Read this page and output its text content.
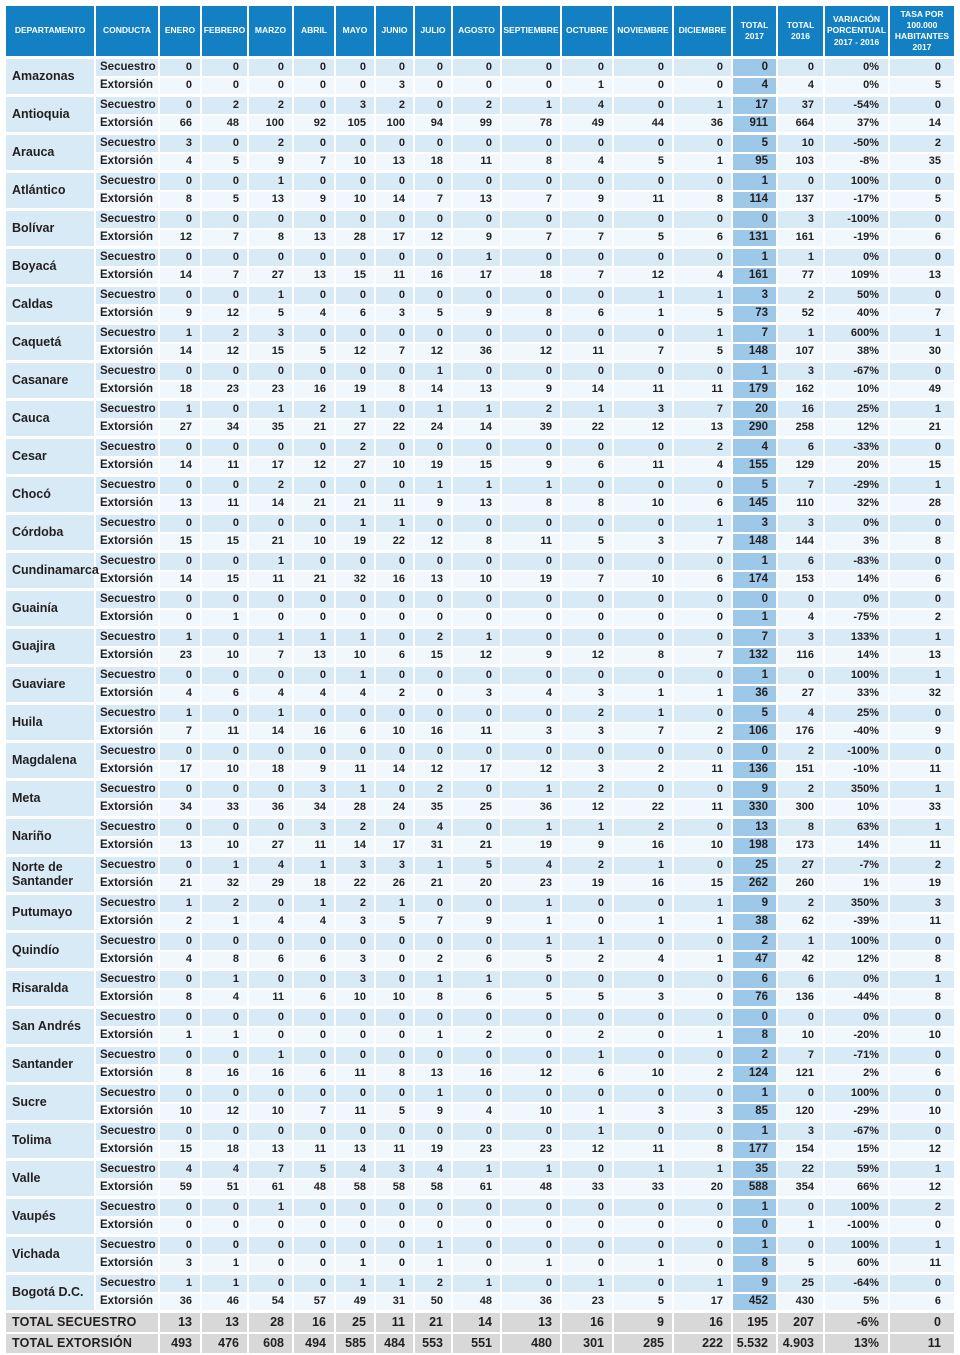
DEPARTAMENTO	CONDUCTA	ENERO	FEBRERO	MARZO	ABRIL	MAYO	JUNIO	JULIO	AGOSTO	SEPTIEMBRE	OCTUBRE	NOVIEMBRE	DICIEMBRE	TOTAL 2017	TOTAL 2016	VARIACIÓN PORCENTUAL 2017 - 2016	TASA POR 100.000 HABITANTES 2017
Amazonas	Secuestro	0	0	0	0	0	0	0	0	0	0	0	0	0	0	0%	0
	Extorsión	0	0	0	0	0	3	0	0	0	1	0	0	4	4	0%	5
Antioquia	Secuestro	0	2	2	0	3	2	0	2	1	4	0	1	17	37	-54%	0
	Extorsión	66	48	100	92	105	100	94	99	78	49	44	36	911	664	37%	14
Arauca	Secuestro	3	0	2	0	0	0	0	0	0	0	0	0	5	10	-50%	2
	Extorsión	4	5	9	7	10	13	18	11	8	4	5	1	95	103	-8%	35
Atlántico	Secuestro	0	0	1	0	0	0	0	0	0	0	0	0	1	0	100%	0
	Extorsión	8	5	13	9	10	14	7	13	7	9	11	8	114	137	-17%	5
Bolívar	Secuestro	0	0	0	0	0	0	0	0	0	0	0	0	0	3	-100%	0
	Extorsión	12	7	8	13	28	17	12	9	7	7	5	6	131	161	-19%	6
Boyacá	Secuestro	0	0	0	0	0	0	0	1	0	0	0	0	1	1	0%	0
	Extorsión	14	7	27	13	15	11	16	17	18	7	12	4	161	77	109%	13
Caldas	Secuestro	0	0	1	0	0	0	0	0	0	0	1	1	3	2	50%	0
	Extorsión	9	12	5	4	6	3	5	9	8	6	1	5	73	52	40%	7
Caquetá	Secuestro	1	2	3	0	0	0	0	0	0	0	0	1	7	1	600%	1
	Extorsión	14	12	15	5	12	7	12	36	12	11	7	5	148	107	38%	30
Casanare	Secuestro	0	0	0	0	0	0	1	0	0	0	0	0	1	3	-67%	0
	Extorsión	18	23	23	16	19	8	14	13	9	14	11	11	179	162	10%	49
Cauca	Secuestro	1	0	1	2	1	0	1	1	2	1	3	7	20	16	25%	1
	Extorsión	27	34	35	21	27	22	24	14	39	22	12	13	290	258	12%	21
Cesar	Secuestro	0	0	0	0	2	0	0	0	0	0	0	2	4	6	-33%	0
	Extorsión	14	11	17	12	27	10	19	15	9	6	11	4	155	129	20%	15
Chocó	Secuestro	0	0	2	0	0	0	1	1	1	0	0	0	5	7	-29%	1
	Extorsión	13	11	14	21	21	11	9	13	8	8	10	6	145	110	32%	28
Córdoba	Secuestro	0	0	0	0	1	1	0	0	0	0	0	1	3	3	0%	0
	Extorsión	15	15	21	10	19	22	12	8	11	5	3	7	148	144	3%	8
Cundinamarca	Secuestro	0	0	1	0	0	0	0	0	0	0	0	0	1	6	-83%	0
	Extorsión	14	15	11	21	32	16	13	10	19	7	10	6	174	153	14%	6
Guainía	Secuestro	0	0	0	0	0	0	0	0	0	0	0	0	0	0	0%	0
	Extorsión	0	1	0	0	0	0	0	0	0	0	0	0	1	4	-75%	2
Guajira	Secuestro	1	0	1	1	1	0	2	1	0	0	0	0	7	3	133%	1
	Extorsión	23	10	7	13	10	6	15	12	9	12	8	7	132	116	14%	13
Guaviare	Secuestro	0	0	0	0	1	0	0	0	0	0	0	0	1	0	100%	1
	Extorsión	4	6	4	4	4	2	0	3	4	3	1	1	36	27	33%	32
Huila	Secuestro	1	0	1	0	0	0	0	0	0	2	1	0	5	4	25%	0
	Extorsión	7	11	14	16	6	10	16	11	3	3	7	2	106	176	-40%	9
Magdalena	Secuestro	0	0	0	0	0	0	0	0	0	0	0	0	0	2	-100%	0
	Extorsión	17	10	18	9	11	14	12	17	12	3	2	11	136	151	-10%	11
Meta	Secuestro	0	0	0	3	1	0	2	0	1	2	0	0	9	2	350%	1
	Extorsión	34	33	36	34	28	24	35	25	36	12	22	11	330	300	10%	33
Nariño	Secuestro	0	0	0	3	2	0	4	0	1	1	2	0	13	8	63%	1
	Extorsión	13	10	27	11	14	17	31	21	19	9	16	10	198	173	14%	11
Norte de Santander	Secuestro	0	1	4	1	3	3	1	5	4	2	1	0	25	27	-7%	2
	Extorsión	21	32	29	18	22	26	21	20	23	19	16	15	262	260	1%	19
Putumayo	Secuestro	1	2	0	1	2	1	0	0	1	0	0	1	9	2	350%	3
	Extorsión	2	1	4	4	3	5	7	9	1	0	1	1	38	62	-39%	11
Quindío	Secuestro	0	0	0	0	0	0	0	0	1	1	0	0	2	1	100%	0
	Extorsión	4	8	6	6	3	0	2	6	5	2	4	1	47	42	12%	8
Risaralda	Secuestro	0	1	0	0	3	0	1	1	0	0	0	0	6	6	0%	1
	Extorsión	8	4	11	6	10	10	8	6	5	5	3	0	76	136	-44%	8
San Andrés	Secuestro	0	0	0	0	0	0	0	0	0	0	0	0	0	0	0%	0
	Extorsión	1	1	0	0	0	0	1	2	0	2	0	1	8	10	-20%	10
Santander	Secuestro	0	0	1	0	0	0	0	0	0	1	0	0	2	7	-71%	0
	Extorsión	8	16	16	6	11	8	13	16	12	6	10	2	124	121	2%	6
Sucre	Secuestro	0	0	0	0	0	0	1	0	0	0	0	0	1	0	100%	0
	Extorsión	10	12	10	7	11	5	9	4	10	1	3	3	85	120	-29%	10
Tolima	Secuestro	0	0	0	0	0	0	0	0	0	1	0	0	1	3	-67%	0
	Extorsión	15	18	13	11	13	11	19	23	23	12	11	8	177	154	15%	12
Valle	Secuestro	4	4	7	5	4	3	4	1	1	0	1	1	35	22	59%	1
	Extorsión	59	51	61	48	58	58	58	61	48	33	33	20	588	354	66%	12
Vaupés	Secuestro	0	0	1	0	0	0	0	0	0	0	0	0	1	0	100%	2
	Extorsión	0	0	0	0	0	0	0	0	0	0	0	0	0	1	-100%	0
Vichada	Secuestro	0	0	0	0	0	0	1	0	0	0	0	0	1	0	100%	1
	Extorsión	3	1	0	0	1	0	1	0	1	0	1	0	8	5	60%	11
Bogotá D.C.	Secuestro	1	1	0	0	1	1	2	1	0	1	0	1	9	25	-64%	0
	Extorsión	36	46	54	57	49	31	50	48	36	23	5	17	452	430	5%	6
TOTAL SECUESTRO		13	13	28	16	25	11	21	14	13	16	9	16	195	207	-6%	0
TOTAL EXTORSIÓN		493	476	608	494	585	484	553	551	480	301	285	222	5.532	4.903	13%	11
